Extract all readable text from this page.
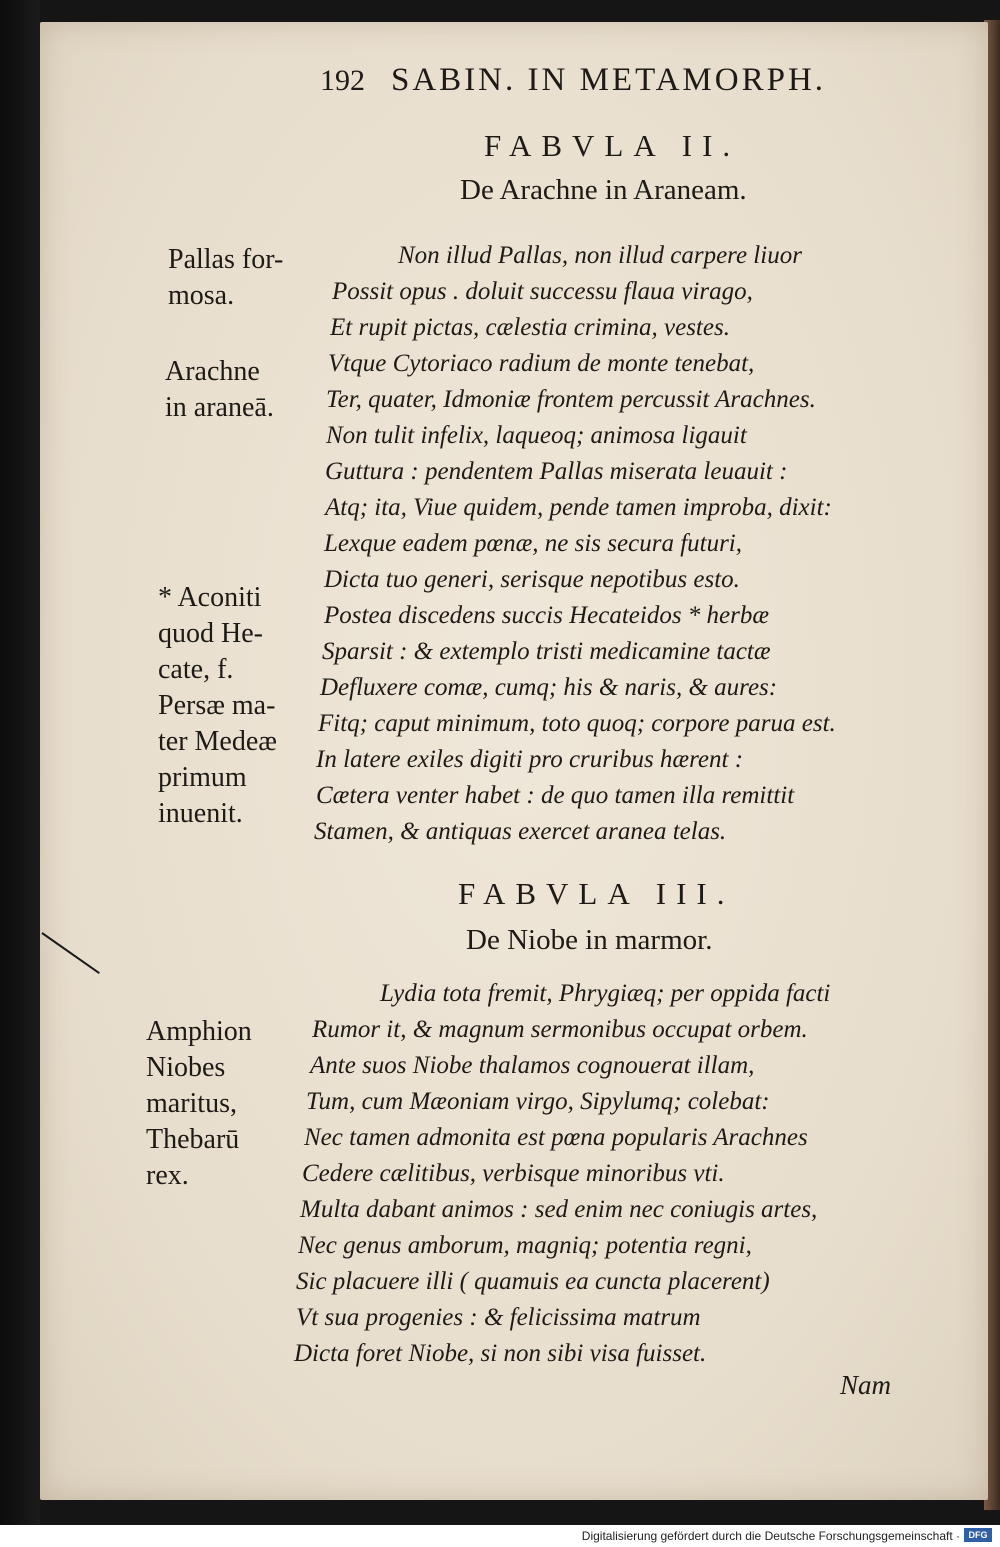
192 SABIN. IN METAMORPH.
FABVLA II.
De Arachne in Araneam.
Non illud Pallas, non illud carpere liuor
Possit opus . doluit successu flaua virago,
Et rupit pictas, cælestia crimina, vestes.
Vtque Cytoriaco radium de monte tenebat,
Ter, quater, Idmoniæ frontem percussit Arachnes.
Non tulit infelix, laqueoq; animosa ligauit
Guttura : pendentem Pallas miserata leuauit :
Atq; ita, Viue quidem, pende tamen improba, dixit:
Lexque eadem pœnæ, ne sis secura futuri,
Dicta tuo generi, serisque nepotibus esto.
Postea discedens succis Hecateidos * herbæ
Sparsit : & extemplo tristi medicamine tactæ
Defluxere comæ, cumq; his & naris, & aures:
Fitq; caput minimum, toto quoq; corpore parua est.
In latere exiles digiti pro cruribus hærent :
Cætera venter habet : de quo tamen illa remittit
Stamen, & antiquas exercet aranea telas.
Pallas for-
mosa.
Arachne
in araneā.
* Aconiti
quod He-
cate, f.
Persæ ma-
ter Medeæ
primum
inuenit.
FABVLA III.
De Niobe in marmor.
Lydia tota fremit, Phrygiæq; per oppida facti
Rumor it, & magnum sermonibus occupat orbem.
Ante suos Niobe thalamos cognouerat illam,
Tum, cum Mæoniam virgo, Sipylumq; colebat:
Nec tamen admonita est pœna popularis Arachnes
Cedere cælitibus, verbisque minoribus vti.
Multa dabant animos : sed enim nec coniugis artes,
Nec genus amborum, magniq; potentia regni,
Sic placuere illi ( quamuis ea cuncta placerent)
Vt sua progenies : & felicissima matrum
Dicta foret Niobe, si non sibi visa fuisset.
Amphion
Niobes
maritus,
Thebarū
rex.
Nam
Digitalisierung gefördert durch die Deutsche Forschungsgemeinschaft · DFG
